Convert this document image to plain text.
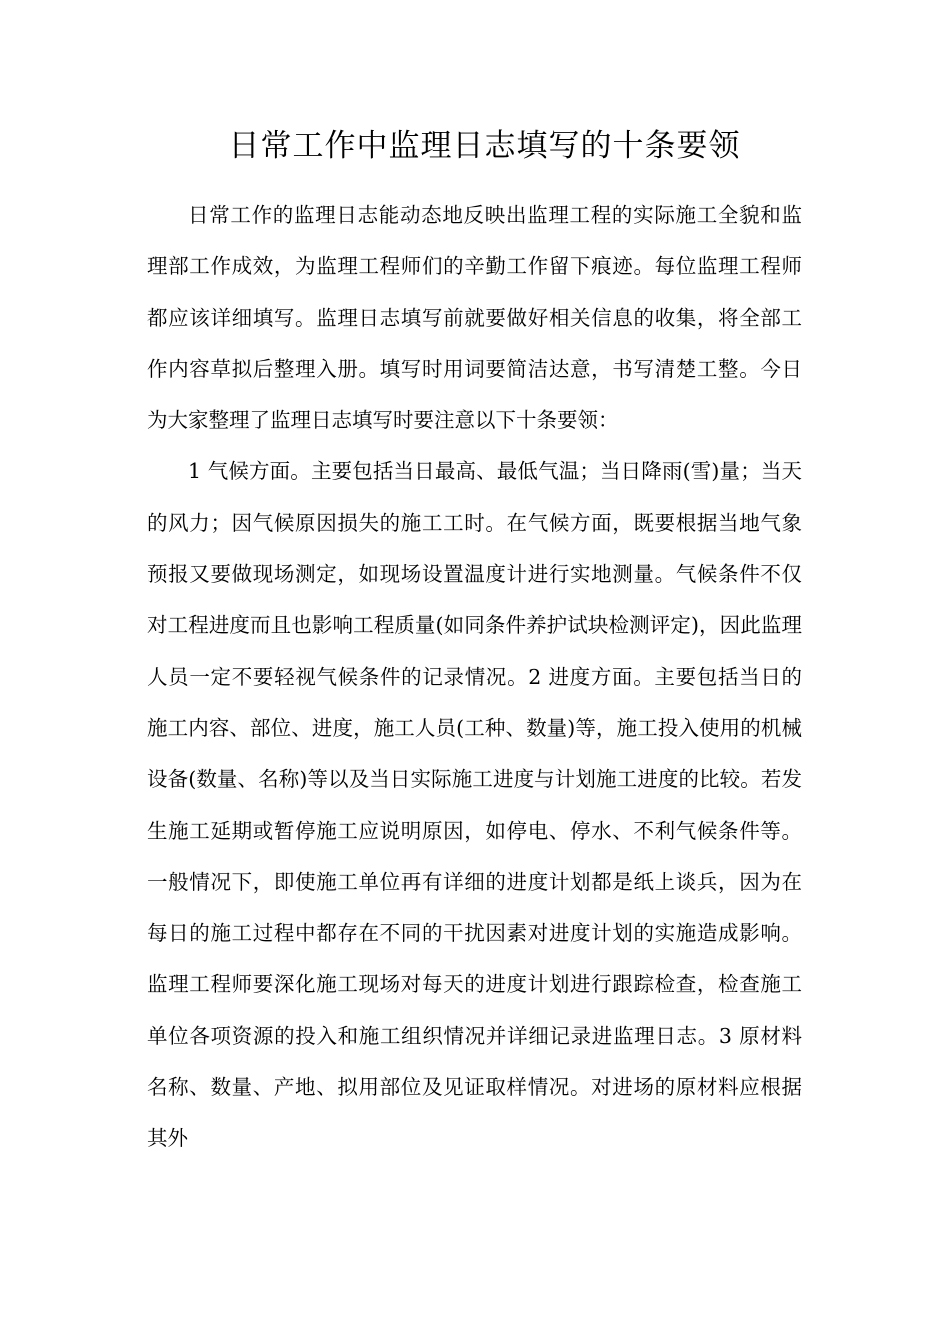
日常工作中监理日志填写的十条要领

日常工作的监理日志能动态地反映出监理工程的实际施工全貌和监理部工作成效，为监理工程师们的辛勤工作留下痕迹。每位监理工程师都应该详细填写。监理日志填写前就要做好相关信息的收集，将全部工作内容草拟后整理入册。填写时用词要简洁达意，书写清楚工整。今日为大家整理了监理日志填写时要注意以下十条要领：

1 气候方面。主要包括当日最高、最低气温；当日降雨(雪)量；当天的风力；因气候原因损失的施工工时。在气候方面，既要根据当地气象预报又要做现场测定，如现场设置温度计进行实地测量。气候条件不仅对工程进度而且也影响工程质量(如同条件养护试块检测评定)，因此监理人员一定不要轻视气候条件的记录情况。2 进度方面。主要包括当日的施工内容、部位、进度，施工人员(工种、数量)等，施工投入使用的机械设备(数量、名称)等以及当日实际施工进度与计划施工进度的比较。若发生施工延期或暂停施工应说明原因，如停电、停水、不利气候条件等。一般情况下，即使施工单位再有详细的进度计划都是纸上谈兵，因为在每日的施工过程中都存在不同的干扰因素对进度计划的实施造成影响。监理工程师要深化施工现场对每天的进度计划进行跟踪检查，检查施工单位各项资源的投入和施工组织情况并详细记录进监理日志。3 原材料名称、数量、产地、拟用部位及见证取样情况。对进场的原材料应根据其外
